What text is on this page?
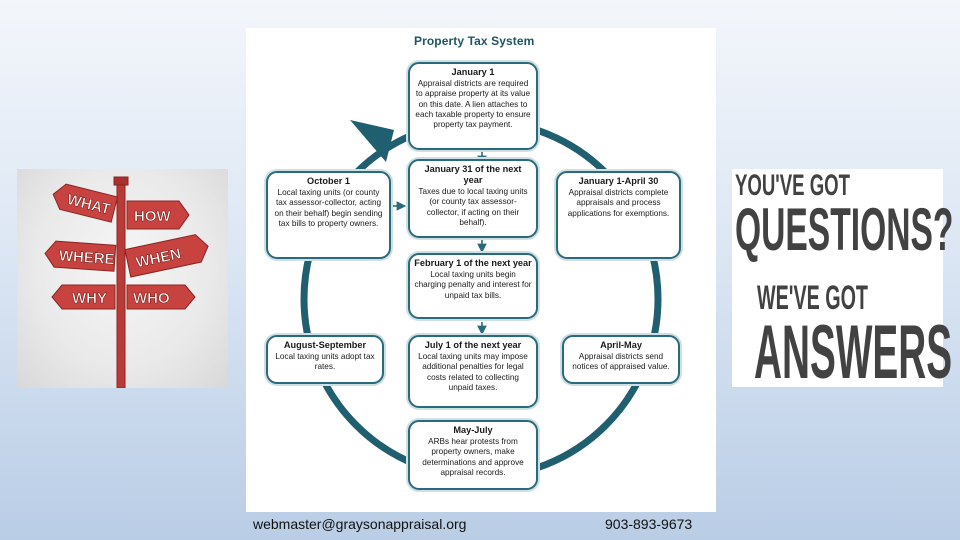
Property Tax System
January 1
Appraisal districts are required to appraise property at its value on this date. A lien attaches to each taxable property to ensure property tax payment.
January 31 of the next year
Taxes due to local taxing units (or county tax assessor-collector, if acting on their behalf).
October 1
Local taxing units (or county tax assessor-collector, acting on their behalf) begin sending tax bills to property owners.
January 1-April 30
Appraisal districts complete appraisals and process applications for exemptions.
February 1 of the next year
Local taxing units begin charging penalty and interest for unpaid tax bills.
August-September
Local taxing units adopt tax rates.
July 1 of the next year
Local taxing units may impose additional penalties for legal costs related to collecting unpaid taxes.
April-May
Appraisal districts send notices of appraised value.
May-July
ARBs hear protests from property owners, make determinations and approve appraisal records.
WHAT HOW
WHERE WHEN
WHY WHO
YOU'VE GOT
QUESTIONS?
WE'VE GOT
ANSWERS
webmaster@graysonappraisal.org	903-893-9673
